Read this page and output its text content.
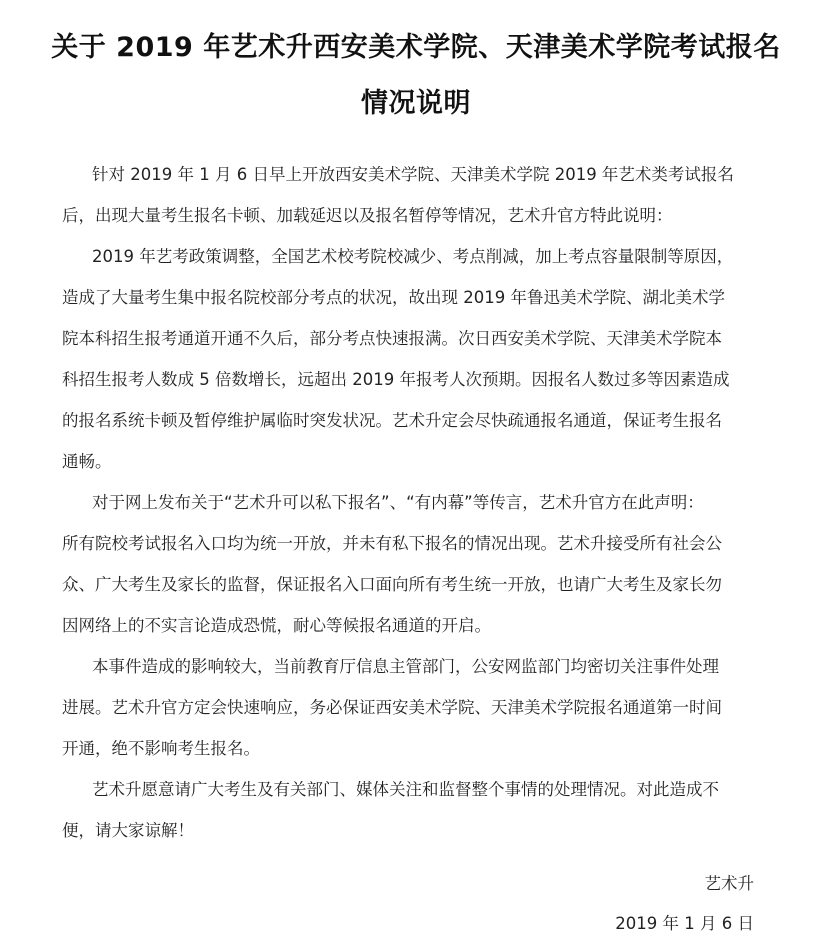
关于 2019 年艺术升西安美术学院、天津美术学院考试报名
情况说明

针对 2019 年 1 月 6 日早上开放西安美术学院、天津美术学院 2019 年艺术类考试报名
后，出现大量考生报名卡顿、加载延迟以及报名暂停等情况，艺术升官方特此说明：

2019 年艺考政策调整，全国艺术校考院校减少、考点削减，加上考点容量限制等原因，
造成了大量考生集中报名院校部分考点的状况，故出现 2019 年鲁迅美术学院、湖北美术学
院本科招生报考通道开通不久后，部分考点快速报满。次日西安美术学院、天津美术学院本
科招生报考人数成 5 倍数增长，远超出 2019 年报考人次预期。因报名人数过多等因素造成
的报名系统卡顿及暂停维护属临时突发状况。艺术升定会尽快疏通报名通道，保证考生报名
通畅。

对于网上发布关于“艺术升可以私下报名”、“有内幕”等传言，艺术升官方在此声明：
所有院校考试报名入口均为统一开放，并未有私下报名的情况出现。艺术升接受所有社会公
众、广大考生及家长的监督，保证报名入口面向所有考生统一开放，也请广大考生及家长勿
因网络上的不实言论造成恐慌，耐心等候报名通道的开启。

本事件造成的影响较大，当前教育厅信息主管部门，公安网监部门均密切关注事件处理
进展。艺术升官方定会快速响应，务必保证西安美术学院、天津美术学院报名通道第一时间
开通，绝不影响考生报名。

艺术升愿意请广大考生及有关部门、媒体关注和监督整个事情的处理情况。对此造成不
便，请大家谅解！

艺术升
2019 年 1 月 6 日
